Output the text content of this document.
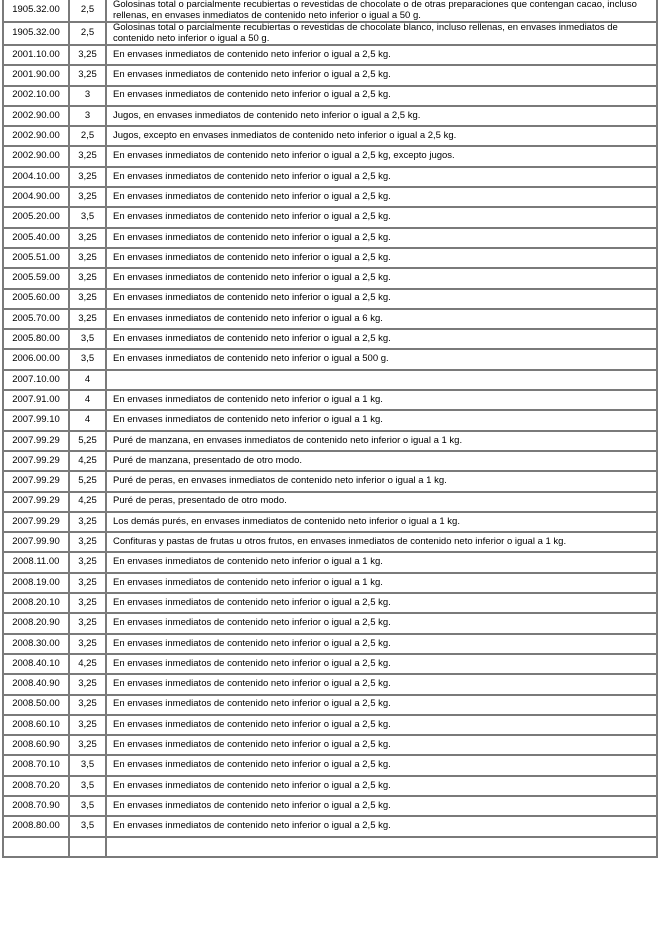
1905.32.00	2,5	Golosinas total o parcialmente recubiertas o revestidas de chocolate o de otras preparaciones que contengan cacao, incluso rellenas, en envases inmediatos de contenido neto inferior o igual a 50 g.
1905.32.00	2,5	Golosinas total o parcialmente recubiertas o revestidas de chocolate blanco, incluso rellenas, en envases inmediatos de contenido neto inferior o igual a 50 g.
2001.10.00	3,25	En envases inmediatos de contenido neto inferior o igual a 2,5 kg.
2001.90.00	3,25	En envases inmediatos de contenido neto inferior o igual a 2,5 kg.
2002.10.00	3	En envases inmediatos de contenido neto inferior o igual a 2,5 kg.
2002.90.00	3	Jugos, en envases inmediatos de contenido neto inferior o igual a 2,5 kg.
2002.90.00	2,5	Jugos, excepto en envases inmediatos de contenido neto inferior o igual a 2,5 kg.
2002.90.00	3,25	En envases inmediatos de contenido neto inferior o igual a 2,5 kg, excepto jugos.
2004.10.00	3,25	En envases inmediatos de contenido neto inferior o igual a 2,5 kg.
2004.90.00	3,25	En envases inmediatos de contenido neto inferior o igual a 2,5 kg.
2005.20.00	3,5	En envases inmediatos de contenido neto inferior o igual a 2,5 kg.
2005.40.00	3,25	En envases inmediatos de contenido neto inferior o igual a 2,5 kg.
2005.51.00	3,25	En envases inmediatos de contenido neto inferior o igual a 2,5 kg.
2005.59.00	3,25	En envases inmediatos de contenido neto inferior o igual a 2,5 kg.
2005.60.00	3,25	En envases inmediatos de contenido neto inferior o igual a 2,5 kg.
2005.70.00	3,25	En envases inmediatos de contenido neto inferior o igual a 6 kg.
2005.80.00	3,5	En envases inmediatos de contenido neto inferior o igual a 2,5 kg.
2006.00.00	3,5	En envases inmediatos de contenido neto inferior o igual a 500 g.
2007.10.00	4	
2007.91.00	4	En envases inmediatos de contenido neto inferior o igual a 1 kg.
2007.99.10	4	En envases inmediatos de contenido neto inferior o igual a 1 kg.
2007.99.29	5,25	Puré de manzana, en envases inmediatos de contenido neto inferior o igual a 1 kg.
2007.99.29	4,25	Puré de manzana, presentado de otro modo.
2007.99.29	5,25	Puré de peras, en envases inmediatos de contenido neto inferior o igual a 1 kg.
2007.99.29	4,25	Puré de peras, presentado de otro modo.
2007.99.29	3,25	Los demás purés, en envases inmediatos de contenido neto inferior o igual a 1 kg.
2007.99.90	3,25	Confituras y pastas de frutas u otros frutos, en envases inmediatos de contenido neto inferior o igual a 1 kg.
2008.11.00	3,25	En envases inmediatos de contenido neto inferior o igual a 1 kg.
2008.19.00	3,25	En envases inmediatos de contenido neto inferior o igual a 1 kg.
2008.20.10	3,25	En envases inmediatos de contenido neto inferior o igual a 2,5 kg.
2008.20.90	3,25	En envases inmediatos de contenido neto inferior o igual a 2,5 kg.
2008.30.00	3,25	En envases inmediatos de contenido neto inferior o igual a 2,5 kg.
2008.40.10	4,25	En envases inmediatos de contenido neto inferior o igual a 2,5 kg.
2008.40.90	3,25	En envases inmediatos de contenido neto inferior o igual a 2,5 kg.
2008.50.00	3,25	En envases inmediatos de contenido neto inferior o igual a 2,5 kg.
2008.60.10	3,25	En envases inmediatos de contenido neto inferior o igual a 2,5 kg.
2008.60.90	3,25	En envases inmediatos de contenido neto inferior o igual a 2,5 kg.
2008.70.10	3,5	En envases inmediatos de contenido neto inferior o igual a 2,5 kg.
2008.70.20	3,5	En envases inmediatos de contenido neto inferior o igual a 2,5 kg.
2008.70.90	3,5	En envases inmediatos de contenido neto inferior o igual a 2,5 kg.
2008.80.00	3,5	En envases inmediatos de contenido neto inferior o igual a 2,5 kg.
